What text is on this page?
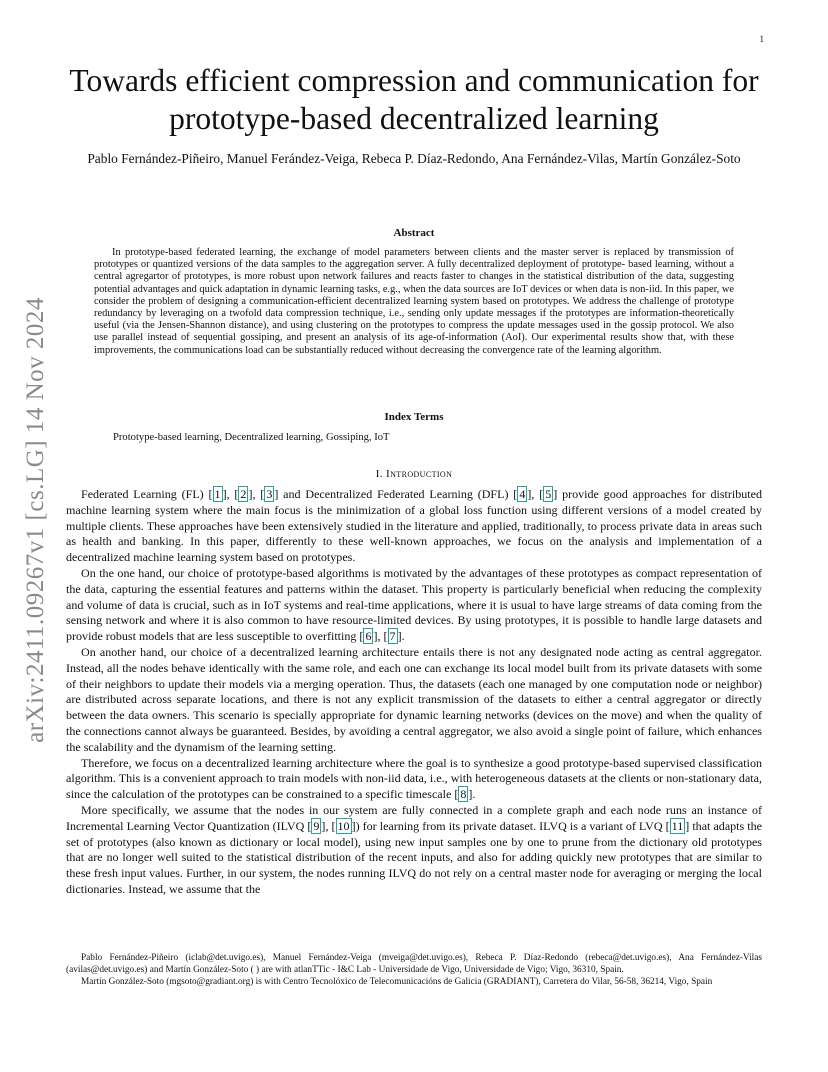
1
arXiv:2411.09267v1 [cs.LG] 14 Nov 2024
Towards efficient compression and communication for prototype-based decentralized learning
Pablo Fernández-Piñeiro, Manuel Ferández-Veiga, Rebeca P. Díaz-Redondo, Ana Fernández-Vilas, Martín González-Soto
Abstract

In prototype-based federated learning, the exchange of model parameters between clients and the master server is replaced by transmission of prototypes or quantized versions of the data samples to the aggregation server. A fully decentralized deployment of prototype- based learning, without a central agregartor of prototypes, is more robust upon network failures and reacts faster to changes in the statistical distribution of the data, suggesting potential advantages and quick adaptation in dynamic learning tasks, e.g., when the data sources are IoT devices or when data is non-iid. In this paper, we consider the problem of designing a communication-efficient decentralized learning system based on prototypes. We address the challenge of prototype redundancy by leveraging on a twofold data compression technique, i.e., sending only update messages if the prototypes are information-theoretically useful (via the Jensen-Shannon distance), and using clustering on the prototypes to compress the update messages used in the gossip protocol. We also use parallel instead of sequential gossiping, and present an analysis of its age-of-information (AoI). Our experimental results show that, with these improvements, the communications load can be substantially reduced without decreasing the convergence rate of the learning algorithm.

Index Terms
Prototype-based learning, Decentralized learning, Gossiping, IoT
I. Introduction

Federated Learning (FL) [ 1 ] , [ 2 ] , [ 3 ] and Decentralized Federated Learning (DFL) [ 4 ] , [ 5 ] provide good approaches for distributed machine learning system where the main focus is the minimization of a global loss function using different versions of a model created by multiple clients. These approaches have been extensively studied in the literature and applied, traditionally, to process private data in areas such as health and banking. In this paper, differently to these well-known approaches, we focus on the analysis and implementation of a decentralized machine learning system based on prototypes.

On the one hand, our choice of prototype-based algorithms is motivated by the advantages of these prototypes as compact representation of the data, capturing the essential features and patterns within the dataset. This property is particularly beneficial when reducing the complexity and volume of data is crucial, such as in IoT systems and real-time applications, where it is usual to have large streams of data coming from the sensing network and where it is also common to have resource-limited devices. By using prototypes, it is possible to handle large datasets and provide robust models that are less susceptible to overfitting [ 6 ] , [ 7 ] .

On another hand, our choice of a decentralized learning architecture entails there is not any designated node acting as central aggregator. Instead, all the nodes behave identically with the same role, and each one can exchange its local model built from its private datasets with some of their neighbors to update their models via a merging operation. Thus, the datasets (each one managed by one computation node or neighbor) are distributed across separate locations, and there is not any explicit transmission of the datasets to either a central aggregator or directly between the data owners. This scenario is specially appropriate for dynamic learning networks (devices on the move) and when the quality of the connections cannot always be guaranteed. Besides, by avoiding a central aggregator, we also avoid a single point of failure, which enhances the scalability and the dynamism of the learning setting.

Therefore, we focus on a decentralized learning architecture where the goal is to synthesize a good prototype-based supervised classification algorithm. This is a convenient approach to train models with non-iid data, i.e., with heterogeneous datasets at the clients or non-stationary data, since the calculation of the prototypes can be constrained to a specific timescale [ 8 ] .

More specifically, we assume that the nodes in our system are fully connected in a complete graph and each node runs an instance of Incremental Learning Vector Quantization (ILVQ [ 9 ] , [ 10 ] ) for learning from its private dataset. ILVQ is a variant of LVQ [ 11 ] that adapts the set of prototypes (also known as dictionary or local model), using new input samples one by one to prune from the dictionary old prototypes that are no longer well suited to the statistical distribution of the recent inputs, and also for adding quickly new prototypes that are similar to these fresh input values. Further, in our system, the nodes running ILVQ do not rely on a central master node for averaging or merging the local dictionaries. Instead, we assume that the

Pablo Fernández-Piñeiro (iclab@det.uvigo.es), Manuel Fernández-Veiga (mveiga@det.uvigo.es), Rebeca P. Díaz-Redondo (rebeca@det.uvigo.es), Ana Fernández-Vilas (avilas@det.uvigo.es) and Martín González-Soto ( ) are with atlanTTic - I&C Lab - Universidade de Vigo, Universidade de Vigo; Vigo, 36310, Spain.

Martín González-Soto (mgsoto@gradiant.org) is with Centro Tecnolóxico de Telecomunicacións de Galicia (GRADIANT), Carretera do Vilar, 56-58, 36214, Vigo, Spain
